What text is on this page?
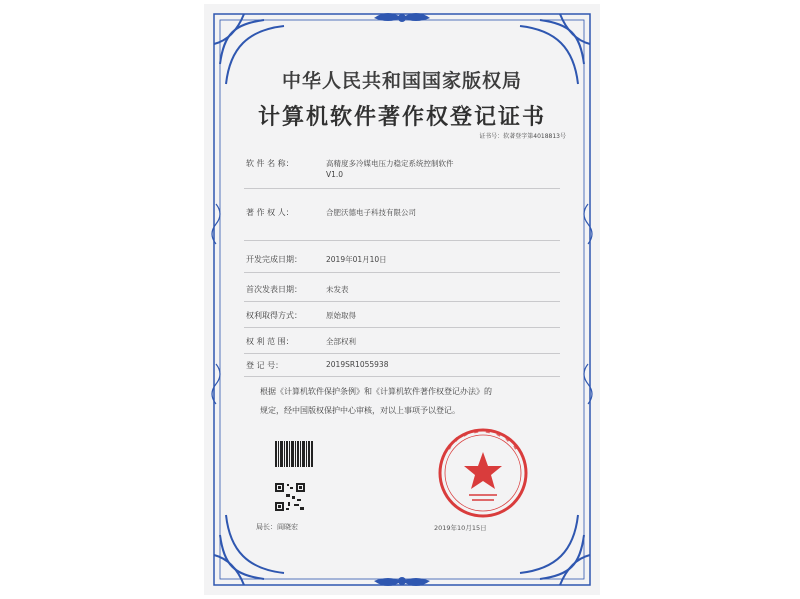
中华人民共和国国家版权局
计算机软件著作权登记证书
证书号：软著登字第4018813号
软 件 名 称：	高精度多冷媒电压力稳定系统控制软件
V1.0
著 作 权 人：	合肥沃德电子科技有限公司
开发完成日期：	2019年01月10日
首次发表日期：	未发表
权利取得方式：	原始取得
权 利 范 围：	全部权利
登 记 号：	2019SR1055938
根据《计算机软件保护条例》和《计算机软件著作权登记办法》的
规定，经中国版权保护中心审核，对以上事项予以登记。
局长：阎晓宏	2019年10月15日
